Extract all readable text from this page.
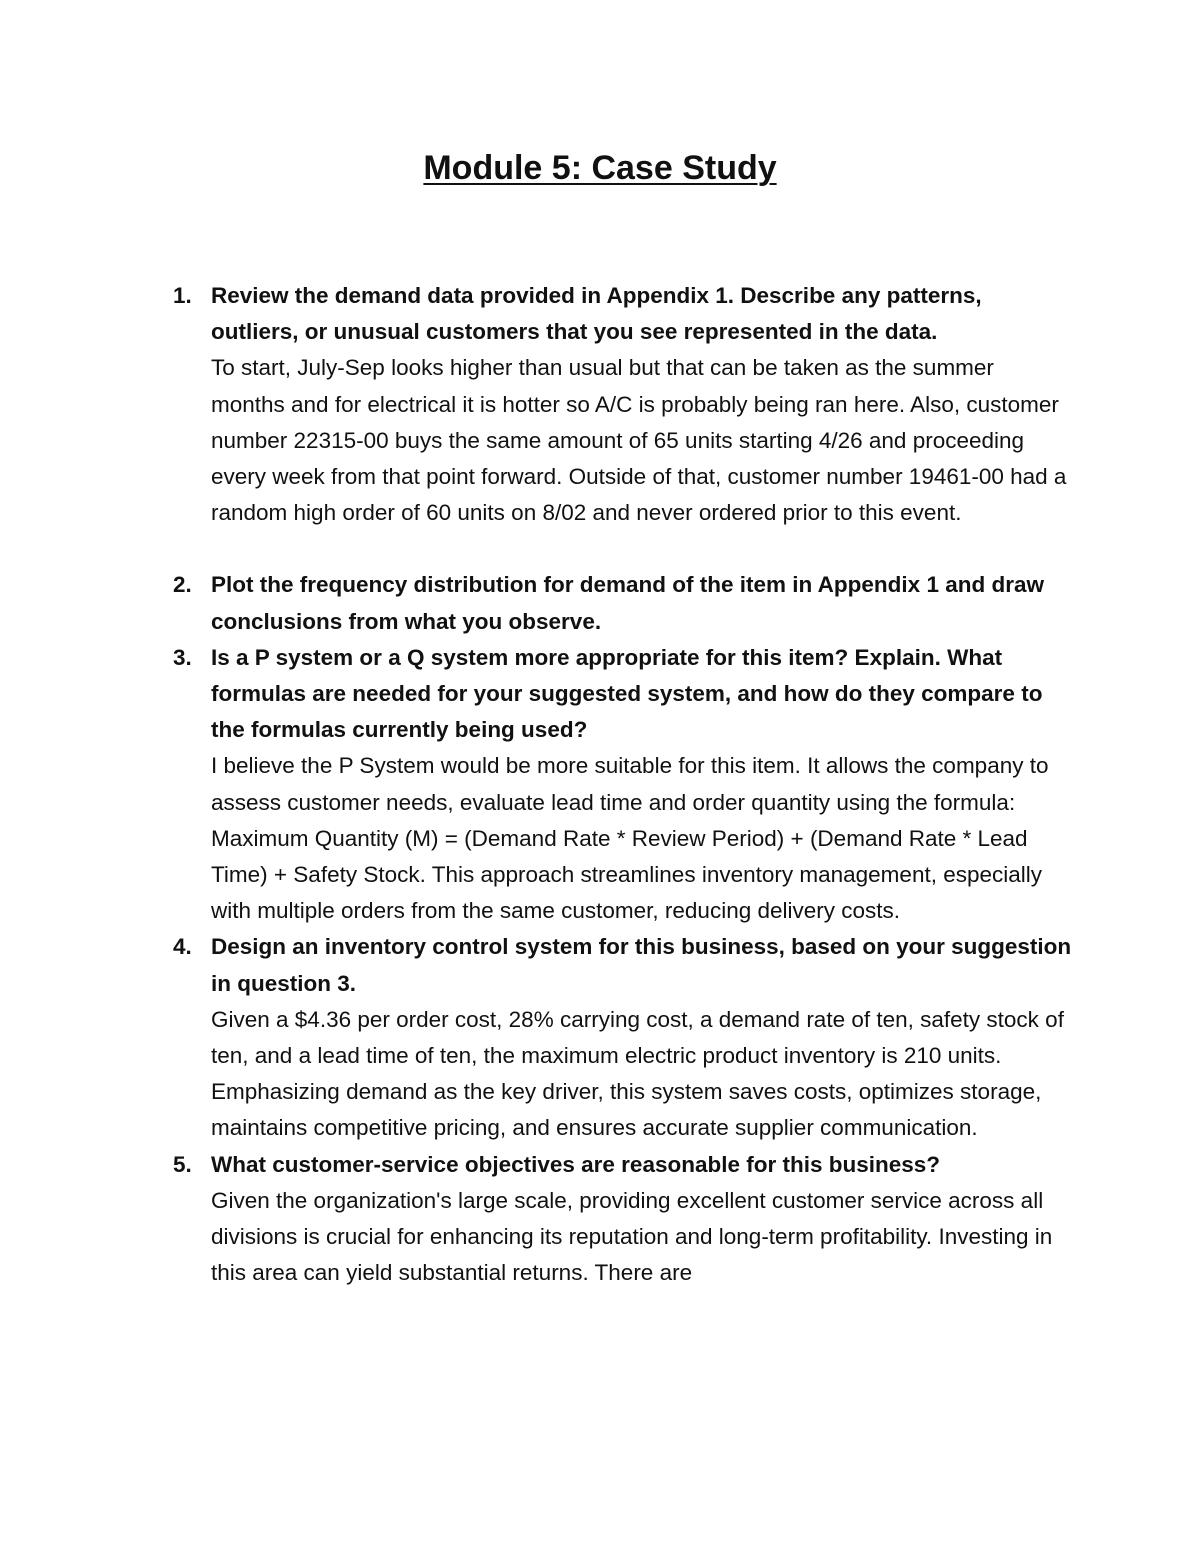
Module 5: Case Study
1. Review the demand data provided in Appendix 1. Describe any patterns, outliers, or unusual customers that you see represented in the data.
To start, July-Sep looks higher than usual but that can be taken as the summer months and for electrical it is hotter so A/C is probably being ran here. Also, customer number 22315-00 buys the same amount of 65 units starting 4/26 and proceeding every week from that point forward. Outside of that, customer number 19461-00 had a random high order of 60 units on 8/02 and never ordered prior to this event.
2. Plot the frequency distribution for demand of the item in Appendix 1 and draw conclusions from what you observe.
3. Is a P system or a Q system more appropriate for this item? Explain. What formulas are needed for your suggested system, and how do they compare to the formulas currently being used?
I believe the P System would be more suitable for this item. It allows the company to assess customer needs, evaluate lead time and order quantity using the formula: Maximum Quantity (M) = (Demand Rate * Review Period) + (Demand Rate * Lead Time) + Safety Stock. This approach streamlines inventory management, especially with multiple orders from the same customer, reducing delivery costs.
4. Design an inventory control system for this business, based on your suggestion in question 3.
Given a $4.36 per order cost, 28% carrying cost, a demand rate of ten, safety stock of ten, and a lead time of ten, the maximum electric product inventory is 210 units. Emphasizing demand as the key driver, this system saves costs, optimizes storage, maintains competitive pricing, and ensures accurate supplier communication.
5. What customer-service objectives are reasonable for this business?
Given the organization's large scale, providing excellent customer service across all divisions is crucial for enhancing its reputation and long-term profitability. Investing in this area can yield substantial returns. There are
